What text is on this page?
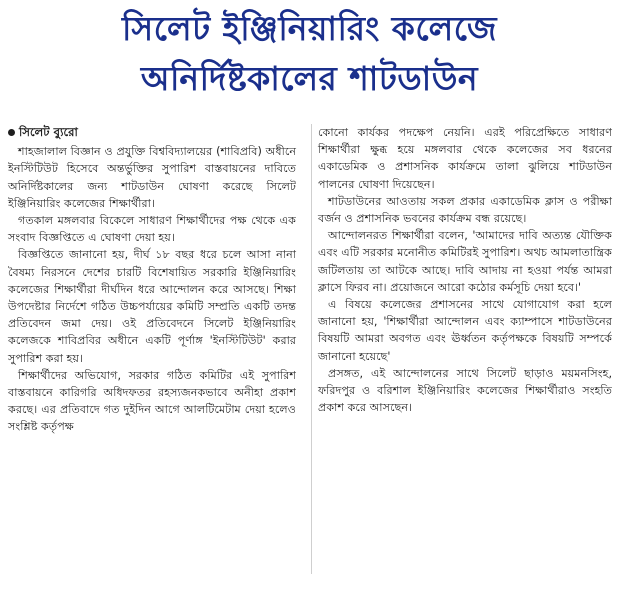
সিলেট ইঞ্জিনিয়ারিং কলেজে
অনির্দিষ্টকালের শাটডাউন
সিলেট ব্যুরো

শাহজালাল বিজ্ঞান ও প্রযুক্তি বিশ্ববিদ্যালয়ের (শাবিপ্রবি) অধীনে ইনস্টিটিউট হিসেবে অন্তর্ভুক্তির সুপারিশ বাস্তবায়নের দাবিতে অনির্দিষ্টকালের জন্য শাটডাউন ঘোষণা করেছে সিলেট ইঞ্জিনিয়ারিং কলেজের শিক্ষার্থীরা।

গতকাল মঙ্গলবার বিকেলে সাধারণ শিক্ষার্থীদের পক্ষ থেকে এক সংবাদ বিজ্ঞপ্তিতে এ ঘোষণা দেয়া হয়।

বিজ্ঞপ্তিতে জানানো হয়, দীর্ঘ ১৮ বছর ধরে চলে আসা নানা বৈষম্য নিরসনে দেশের চারটি বিশেষায়িত সরকারি ইঞ্জিনিয়ারিং কলেজের শিক্ষার্থীরা দীর্ঘদিন ধরে আন্দোলন করে আসছে। শিক্ষা উপদেষ্টার নির্দেশে গঠিত উচ্চপর্যায়ের কমিটি সম্প্রতি একটি তদন্ত প্রতিবেদন জমা দেয়। ওই প্রতিবেদনে সিলেট ইঞ্জিনিয়ারিং কলেজকে শাবিপ্রবির অধীনে একটি পূর্ণাঙ্গ 'ইনস্টিটিউট' করার সুপারিশ করা হয়।

শিক্ষার্থীদের অভিযোগ, সরকার গঠিত কমিটির এই সুপারিশ বাস্তবায়নে কারিগরি অধিদফতর রহস্যজনকভাবে অনীহা প্রকাশ করছে। এর প্রতিবাদে গত দুইদিন আগে আলটিমেটাম দেয়া হলেও সংশ্লিষ্ট কর্তৃপক্ষ

কোনো কার্যকর পদক্ষেপ নেয়নি। এরই পরিপ্রেক্ষিতে সাধারণ শিক্ষার্থীরা ক্ষুব্ধ হয়ে মঙ্গলবার থেকে কলেজের সব ধরনের একাডেমিক ও প্রশাসনিক কার্যক্রমে তালা ঝুলিয়ে শাটডাউন পালনের ঘোষণা দিয়েছেন।

শাটডাউনের আওতায় সকল প্রকার একাডেমিক ক্লাস ও পরীক্ষা বর্জন ও প্রশাসনিক ভবনের কার্যক্রম বন্ধ রয়েছে।

আন্দোলনরত শিক্ষার্থীরা বলেন, 'আমাদের দাবি অত্যন্ত যৌক্তিক এবং এটি সরকার মনোনীত কমিটিরই সুপারিশ। অথচ আমলাতান্ত্রিক জটিলতায় তা আটকে আছে। দাবি আদায় না হওয়া পর্যন্ত আমরা ক্লাসে ফিরব না। প্রয়োজনে আরো কঠোর কর্মসূচি দেয়া হবে।'

এ বিষয়ে কলেজের প্রশাসনের সাথে যোগাযোগ করা হলে জানানো হয়, 'শিক্ষার্থীরা আন্দোলন এবং ক্যাম্পাসে শাটডাউনের বিষয়টি আমরা অবগত এবং ঊর্ধ্বতন কর্তৃপক্ষকে বিষয়টি সম্পর্কে জানানো হয়েছে'

প্রসঙ্গত, এই আন্দোলনের সাথে সিলেট ছাড়াও ময়মনসিংহ, ফরিদপুর ও বরিশাল ইঞ্জিনিয়ারিং কলেজের শিক্ষার্থীরাও সংহতি প্রকাশ করে আসছেন।
